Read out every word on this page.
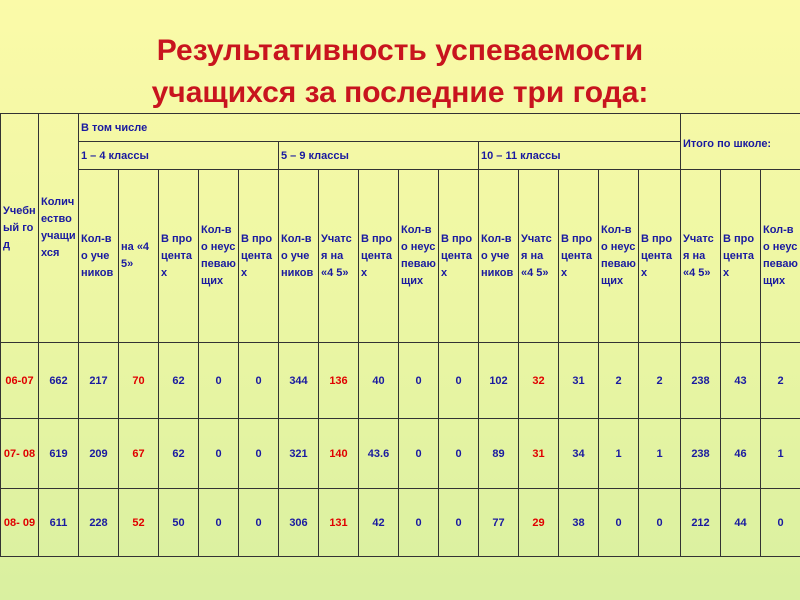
Результативность успеваемости
учащихся за последние три года:
Учебный год	Количество учащихся	В том числе															Итого по школе:		
		1 – 4 классы					5 – 9 классы					10 – 11 классы							
		Кол-во учеников	на «4 5»	В процентах	Кол-во неуспевающих	В процентах	Кол-во учеников	Учатся на «4 5»	В процентах	Кол-во неуспевающих	В процентах	Кол-во учеников	Учатся на «4 5»	В процентах	Кол-во неуспевающих	В процентах	Учатся на «4 5»	В процентах	Кол-во неуспевающих
06-07	662	217	70	62	0	0	344	136	40	0	0	102	32	31	2	2	238	43	2
07- 08	619	209	67	62	0	0	321	140	43.6	0	0	89	31	34	1	1	238	46	1
08- 09	611	228	52	50	0	0	306	131	42	0	0	77	29	38	0	0	212	44	0
